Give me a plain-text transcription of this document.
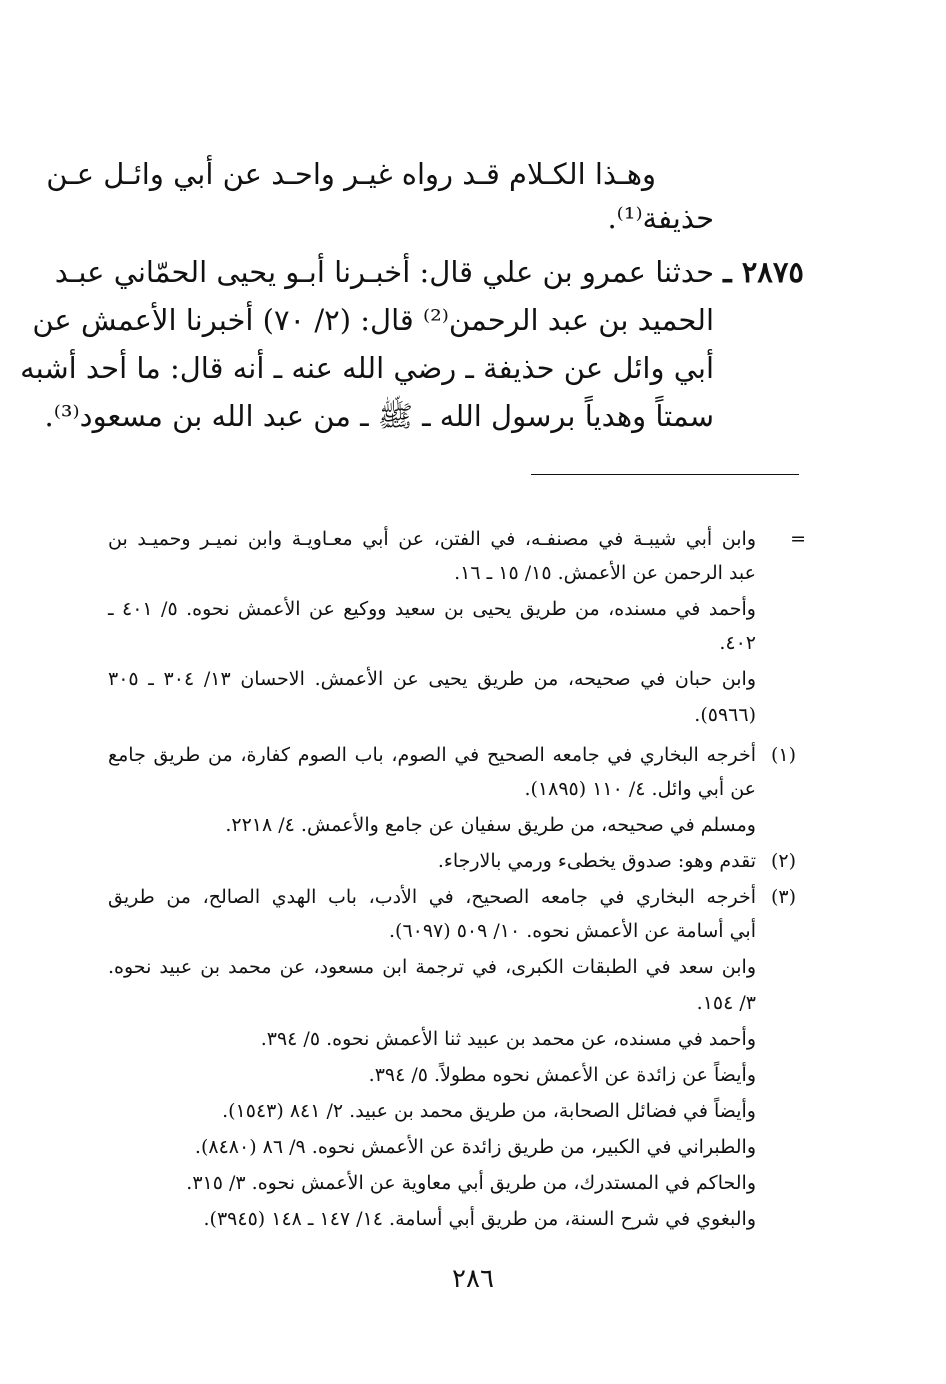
وهـذا الكـلام قـد رواه غيـر واحـد عن أبي وائـل عـن
حذيفة⁽¹⁾.
٢٨٧٥ ـ
حدثنا عمرو بن علي قال: أخبـرنا أبـو يحيى الحمّاني عبـد
الحميد بن عبد الرحمن⁽²⁾ قال: (٢/ ٧٠) أخبرنا الأعمش عن
أبي وائل عن حذيفة ـ رضي الله عنه ـ أنه قال: ما أحد أشبه
سمتاً وهدياً برسول الله ـ ﷺ ـ من عبد الله بن مسعود⁽³⁾.
=
وابن أبي شيبـة في مصنفـه، في الفتن، عن أبي معـاويـة وابن نميـر وحميـد بن
عبد الرحمن عن الأعمش. ١٥/ ١٥ ـ ١٦.
وأحمد في مسنده، من طريق يحيى بن سعيد ووكيع عن الأعمش نحوه. ٥/ ٤٠١ ـ
٤٠٢.
وابن حبان في صحيحه، من طريق يحيى عن الأعمش. الاحسان ١٣/ ٣٠٤ ـ ٣٠٥
(٥٩٦٦).
(١)
أخرجه البخاري في جامعه الصحيح في الصوم، باب الصوم كفارة، من طريق جامع
عن أبي وائل. ٤/ ١١٠ (١٨٩٥).
ومسلم في صحيحه، من طريق سفيان عن جامع والأعمش. ٤/ ٢٢١٨.
(٢)
تقدم وهو: صدوق يخطىء ورمي بالارجاء.
(٣)
أخرجه البخاري في جامعه الصحيح، في الأدب، باب الهدي الصالح، من طريق
أبي أسامة عن الأعمش نحوه. ١٠/ ٥٠٩ (٦٠٩٧).
وابن سعد في الطبقات الكبرى، في ترجمة ابن مسعود، عن محمد بن عبيد نحوه.
٣/ ١٥٤.
وأحمد في مسنده، عن محمد بن عبيد ثنا الأعمش نحوه. ٥/ ٣٩٤.
وأيضاً عن زائدة عن الأعمش نحوه مطولاً. ٥/ ٣٩٤.
وأيضاً في فضائل الصحابة، من طريق محمد بن عبيد. ٢/ ٨٤١ (١٥٤٣).
والطبراني في الكبير، من طريق زائدة عن الأعمش نحوه. ٩/ ٨٦ (٨٤٨٠).
والحاكم في المستدرك، من طريق أبي معاوية عن الأعمش نحوه. ٣/ ٣١٥.
والبغوي في شرح السنة، من طريق أبي أسامة. ١٤/ ١٤٧ ـ ١٤٨ (٣٩٤٥).
٢٨٦
